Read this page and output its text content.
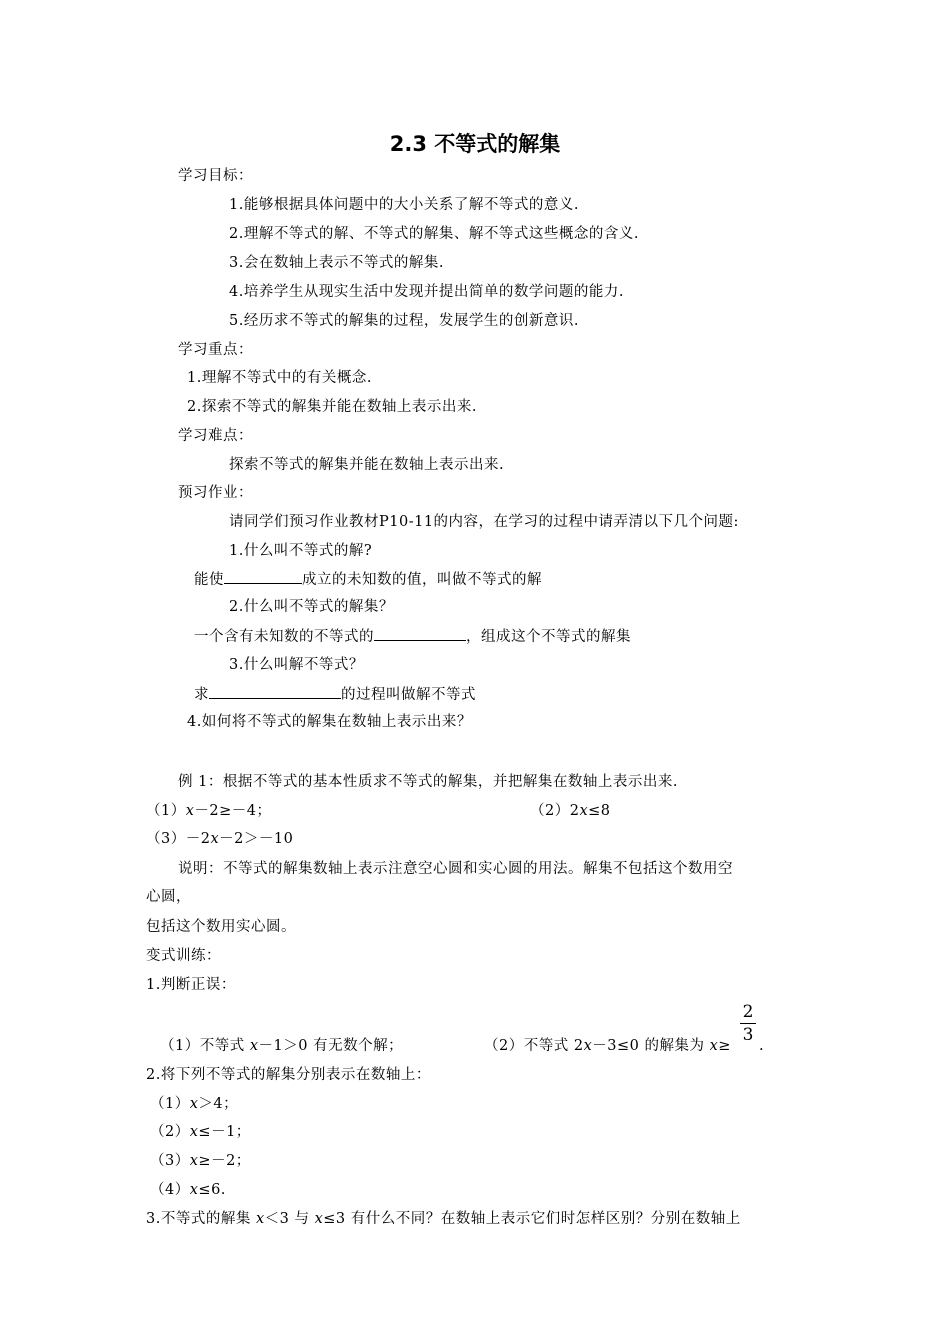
2.3 不等式的解集
学习目标：
1.能够根据具体问题中的大小关系了解不等式的意义.
2.理解不等式的解、不等式的解集、解不等式这些概念的含义.
3.会在数轴上表示不等式的解集.
4.培养学生从现实生活中发现并提出简单的数学问题的能力.
5.经历求不等式的解集的过程，发展学生的创新意识.
学习重点：
1.理解不等式中的有关概念.
2.探索不等式的解集并能在数轴上表示出来.
学习难点：
探索不等式的解集并能在数轴上表示出来.
预习作业：
请同学们预习作业教材P10-11的内容，在学习的过程中请弄清以下几个问题:
1.什么叫不等式的解?
能使	成立的未知数的值，叫做不等式的解
2.什么叫不等式的解集？
一个含有未知数的不等式的	，组成这个不等式的解集
3.什么叫解不等式？
求	的过程叫做解不等式
4.如何将不等式的解集在数轴上表示出来？
例 1：根据不等式的基本性质求不等式的解集，并把解集在数轴上表示出来.
（1）x－2≥－4；	（2）2x≤8
（3）－2x－2＞－10
说明：不等式的解集数轴上表示注意空心圆和实心圆的用法。解集不包括这个数用空
心圆，
包括这个数用实心圆。
变式训练：
1.判断正误：
（1）不等式 x－1＞0 有无数个解；	（2）不等式 2x－3≤0 的解集为 x≥
2
3
.
2.将下列不等式的解集分别表示在数轴上：
（1）x＞4；
（2）x≤－1；
（3）x≥－2；
（4）x≤6.
3.不等式的解集 x＜3 与 x≤3 有什么不同？在数轴上表示它们时怎样区别？分别在数轴上
